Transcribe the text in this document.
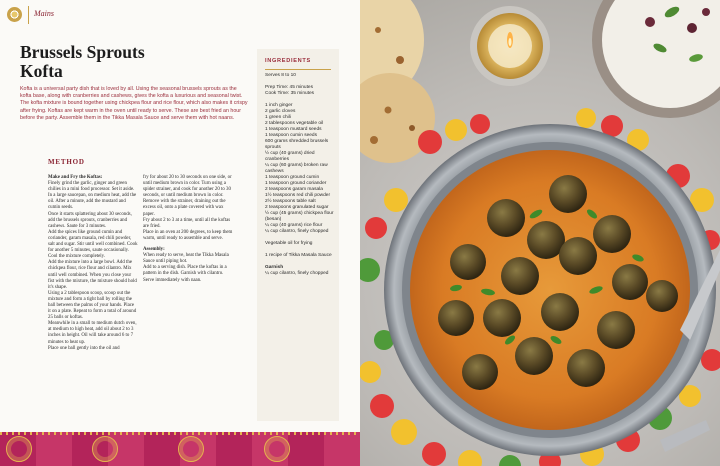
Mains
Brussels Sprouts
Kofta

Kofta is a universal party dish that is loved by all. Using the seasonal brussels sprouts as the kofta base, along with cranberries and cashews, gives the kofta a luxurious and seasonal twist. The kofta mixture is bound together using chickpea flour and rice flour, which also makes it crispy after frying. Koftas are kept warm in the oven until ready to serve. These are best fried an hour before the party. Assemble them in the Tikka Masala Sauce and serve them with hot naans.

METHOD
Make and Fry the Koftas:
Finely grind the garlic, ginger and green chilies in a mini food processor. Set it aside.
In a large saucepan, on medium heat, add the oil. After a minute, add the mustard and cumin seeds.
Once it starts splattering about 30 seconds, add the brussels sprouts, cranberries and cashews. Saute for 3 minutes.
Add the spices like ground cumin and coriander, garam masala, red chili powder, salt and sugar. Stir until well combined. Cook for another 5 minutes, saute occasionally.
Cool the mixture completely.
Add the mixture into a large bowl. Add the chickpea flour, rice flour and cilantro. Mix until well combined. When you close your fist with the mixture, the mixture should hold it's shape.
Using a 2 tablespoon scoop, scoop out the mixture and form a tight ball by rolling the ball between the palms of your hands. Place it on a plate. Repeat to form a total of around 25 balls or koftas.
Meanwhile in a small to medium dutch oven, at medium to high heat, add oil about 2 to 3 inches in height. Oil will take around 6 to 7 minutes to heat up.
Place one ball gently into the oil and
fry for about 20 to 30 seconds on one side, or until medium brown in color. Turn using a spider strainer, and cook for another 20 to 30 seconds, or until medium brown in color. Remove with the strainer, draining out the excess oil, onto a plate covered with wax paper.
Fry about 2 to 3 at a time, until all the koftas are fried.
Place in an oven at 200 degrees, to keep them warm, until ready to assemble and serve.
Assembly:
When ready to serve, heat the Tikka Masala Sauce until piping hot.
Add to a serving dish. Place the koftas in a pattern in the dish. Garnish with cilantro.
Serve immediately with naan.
INGREDIENTS
Serves 8 to 10
Prep Time: 45 minutes
Cook Time: 35 minutes
1 inch ginger
2 garlic cloves
1 green chili
2 tablespoons vegetable oil
1 teaspoon mustard seeds
1 teaspoon cumin seeds
600 grams shredded brussels sprouts
½ cup (40 grams) dried cranberries
¼ cup (60 grams) broken raw cashews
1 teaspoon ground cumin
1 teaspoon ground coriander
2 teaspoons garam masala
1½ teaspoons red chili powder
2½ teaspoons table salt
2 teaspoons granulated sugar
½ cup (45 grams) chickpea flour (besan)
¼ cup (40 grams) rice flour
¼ cup cilantro, finely chopped
Vegetable oil for frying
1 recipe of Tikka Masala Sauce
Garnish
¼ cup cilantro, finely chopped
